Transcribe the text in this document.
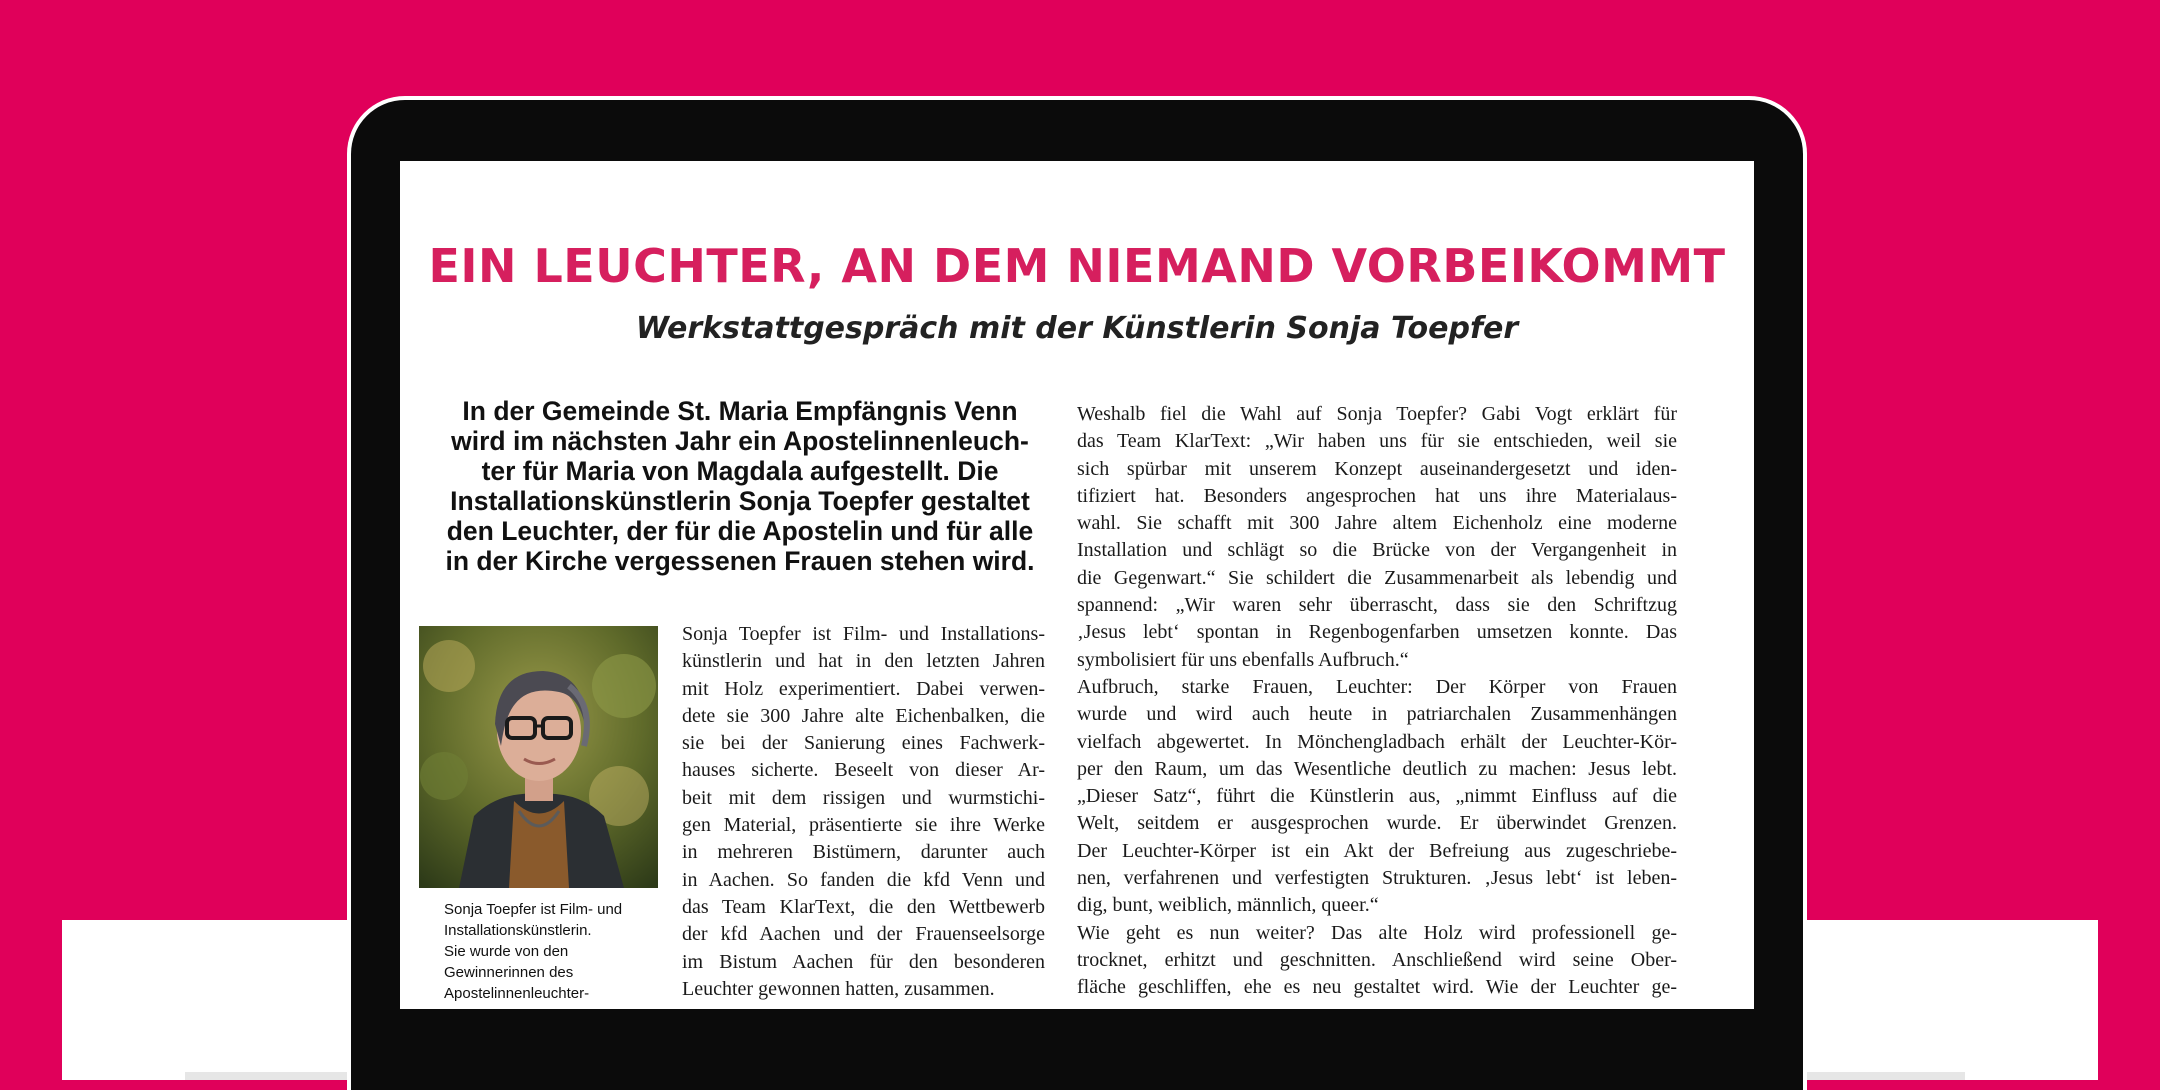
EIN LEUCHTER, AN DEM NIEMAND VORBEIKOMMT
Werkstattgespräch mit der Künstlerin Sonja Toepfer
In der Gemeinde St. Maria Empfängnis Venn
wird im nächsten Jahr ein Apostelinnenleuch-
ter für Maria von Magdala aufgestellt. Die
Installationskünstlerin Sonja Toepfer gestaltet
den Leuchter, der für die Apostelin und für alle
in der Kirche vergessenen Frauen stehen wird.
Sonja Toepfer ist Film- und
Installationskünstlerin.
Sie wurde von den
Gewinnerinnen des
Apostelinnenleuchter-
Sonja Toepfer ist Film- und Installations-
künstlerin und hat in den letzten Jahren
mit Holz experimentiert. Dabei verwen-
dete sie 300 Jahre alte Eichenbalken, die
sie bei der Sanierung eines Fachwerk-
hauses sicherte. Beseelt von dieser Ar-
beit mit dem rissigen und wurmstichi-
gen Material, präsentierte sie ihre Werke
in mehreren Bistümern, darunter auch
in Aachen. So fanden die kfd Venn und
das Team KlarText, die den Wettbewerb
der kfd Aachen und der Frauenseelsorge
im Bistum Aachen für den besonderen
Leuchter gewonnen hatten, zusammen.
Weshalb fiel die Wahl auf Sonja Toepfer? Gabi Vogt erklärt für
das Team KlarText: „Wir haben uns für sie entschieden, weil sie
sich spürbar mit unserem Konzept auseinandergesetzt und iden-
tifiziert hat. Besonders angesprochen hat uns ihre Materialaus-
wahl. Sie schafft mit 300 Jahre altem Eichenholz eine moderne
Installation und schlägt so die Brücke von der Vergangenheit in
die Gegenwart.“ Sie schildert die Zusammenarbeit als lebendig und
spannend: „Wir waren sehr überrascht, dass sie den Schriftzug
‚Jesus lebt‘ spontan in Regenbogenfarben umsetzen konnte. Das
symbolisiert für uns ebenfalls Aufbruch.“
Aufbruch, starke Frauen, Leuchter: Der Körper von Frauen
wurde und wird auch heute in patriarchalen Zusammenhängen
vielfach abgewertet. In Mönchengladbach erhält der Leuchter-Kör-
per den Raum, um das Wesentliche deutlich zu machen: Jesus lebt.
„Dieser Satz“, führt die Künstlerin aus, „nimmt Einfluss auf die
Welt, seitdem er ausgesprochen wurde. Er überwindet Grenzen.
Der Leuchter-Körper ist ein Akt der Befreiung aus zugeschriebe-
nen, verfahrenen und verfestigten Strukturen. ‚Jesus lebt‘ ist leben-
dig, bunt, weiblich, männlich, queer.“
Wie geht es nun weiter? Das alte Holz wird professionell ge-
trocknet, erhitzt und geschnitten. Anschließend wird seine Ober-
fläche geschliffen, ehe es neu gestaltet wird. Wie der Leuchter ge-
